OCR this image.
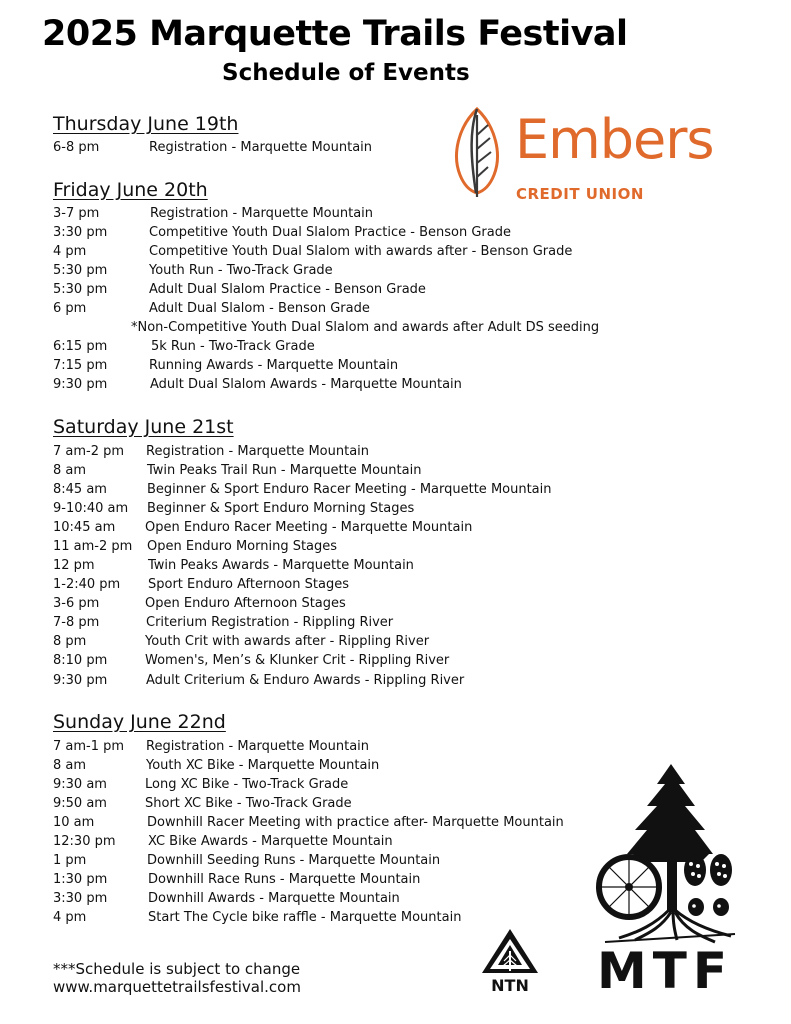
2025 Marquette Trails Festival
Schedule of Events
Embers
CREDIT UNION
Thursday June 19th
6-8 pm	Registration - Marquette Mountain
Friday June 20th
3-7 pm	Registration - Marquette Mountain
3:30 pm	Competitive Youth Dual Slalom Practice - Benson Grade
4 pm	Competitive Youth Dual Slalom with awards after - Benson Grade
5:30 pm	Youth Run - Two-Track Grade
5:30 pm	Adult Dual Slalom Practice - Benson Grade
6 pm	Adult Dual Slalom - Benson Grade
*Non-Competitive Youth Dual Slalom and awards after Adult DS seeding
6:15 pm	5k Run - Two-Track Grade
7:15 pm	Running Awards - Marquette Mountain
9:30 pm	Adult Dual Slalom Awards - Marquette Mountain
Saturday June 21st
7 am-2 pm Registration - Marquette Mountain
8 am	Twin Peaks Trail Run - Marquette Mountain
8:45 am	Beginner & Sport Enduro Racer Meeting - Marquette Mountain
9-10:40 am Beginner & Sport Enduro Morning Stages
10:45 am Open Enduro Racer Meeting - Marquette Mountain
11 am-2 pm Open Enduro Morning Stages
12 pm	Twin Peaks Awards - Marquette Mountain
1-2:40 pm Sport Enduro Afternoon Stages
3-6 pm	Open Enduro Afternoon Stages
7-8 pm	Criterium Registration - Rippling River
8 pm	Youth Crit with awards after - Rippling River
8:10 pm	Women's, Men’s & Klunker Crit - Rippling River
9:30 pm	Adult Criterium & Enduro Awards - Rippling River
Sunday June 22nd
7 am-1 pm Registration - Marquette Mountain
8 am	Youth XC Bike - Marquette Mountain
9:30 am	Long XC Bike - Two-Track Grade
9:50 am	Short XC Bike - Two-Track Grade
10 am	Downhill Racer Meeting with practice after- Marquette Mountain
12:30 pm XC Bike Awards - Marquette Mountain
1 pm	Downhill Seeding Runs - Marquette Mountain
1:30 pm	Downhill Race Runs - Marquette Mountain
3:30 pm	Downhill Awards - Marquette Mountain
4 pm	Start The Cycle bike raffle - Marquette Mountain
***Schedule is subject to change
www.marquettetrailsfestival.com	NTN MTF
